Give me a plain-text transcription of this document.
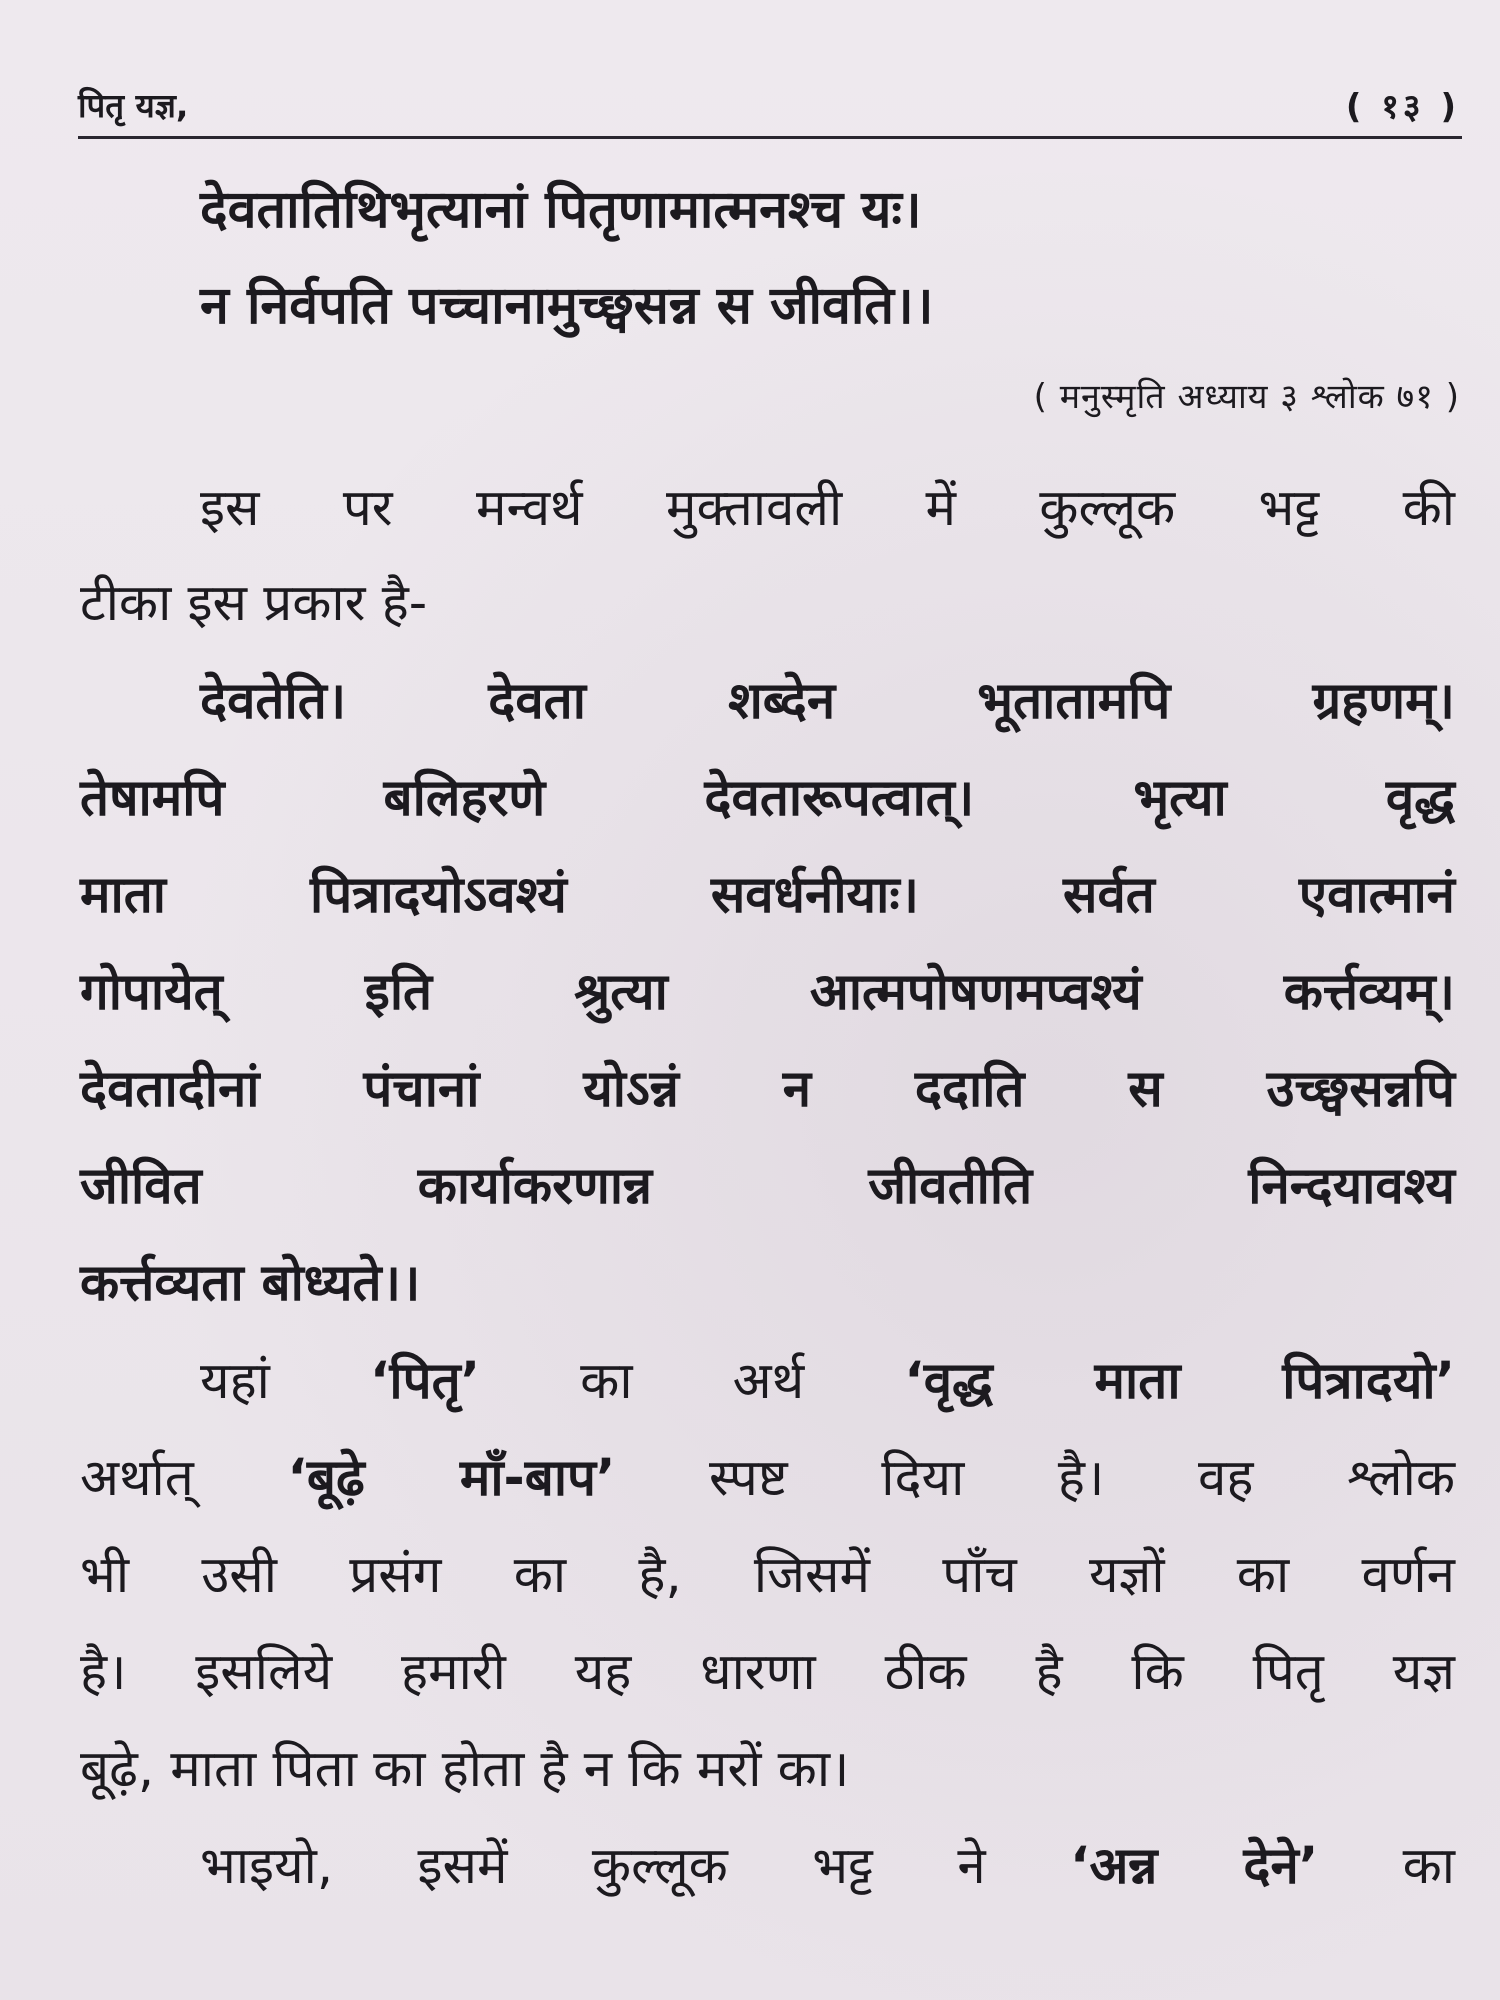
पितृ यज्ञ,	( १३ )
देवतातिथिभृत्यानां पितृणामात्मनश्च यः।
न निर्वपति पच्चानामुच्छ्वसन्न स जीवति।।
( मनुस्मृति अध्याय ३ श्लोक ७१ )
इस पर मन्वर्थ मुक्तावली में कुल्लूक भट्ट की
टीका इस प्रकार है-
देवतेति। देवता शब्देन भूतातामपि ग्रहणम्।
तेषामपि बलिहरणे देवतारूपत्वात्। भृत्या वृद्ध
माता पित्रादयोऽवश्यं सवर्धनीयाः। सर्वत एवात्मानं
गोपायेत् इति श्रुत्या आत्मपोषणमप्वश्यं कर्त्तव्यम्।
देवतादीनां पंचानां योऽन्नं न ददाति स उच्छ्वसन्नपि
जीवित कार्याकरणान्न जीवतीति निन्दयावश्य
कर्त्तव्यता बोध्यते।।
यहां ‘पितृ’ का अर्थ ‘वृद्ध माता पित्रादयो’
अर्थात् ‘बूढ़े माँ-बाप’ स्पष्ट दिया है। वह श्लोक
भी उसी प्रसंग का है, जिसमें पाँच यज्ञों का वर्णन
है। इसलिये हमारी यह धारणा ठीक है कि पितृ यज्ञ
बूढ़े, माता पिता का होता है न कि मरों का।
भाइयो, इसमें कुल्लूक भट्ट ने ‘अन्न देने’ का
